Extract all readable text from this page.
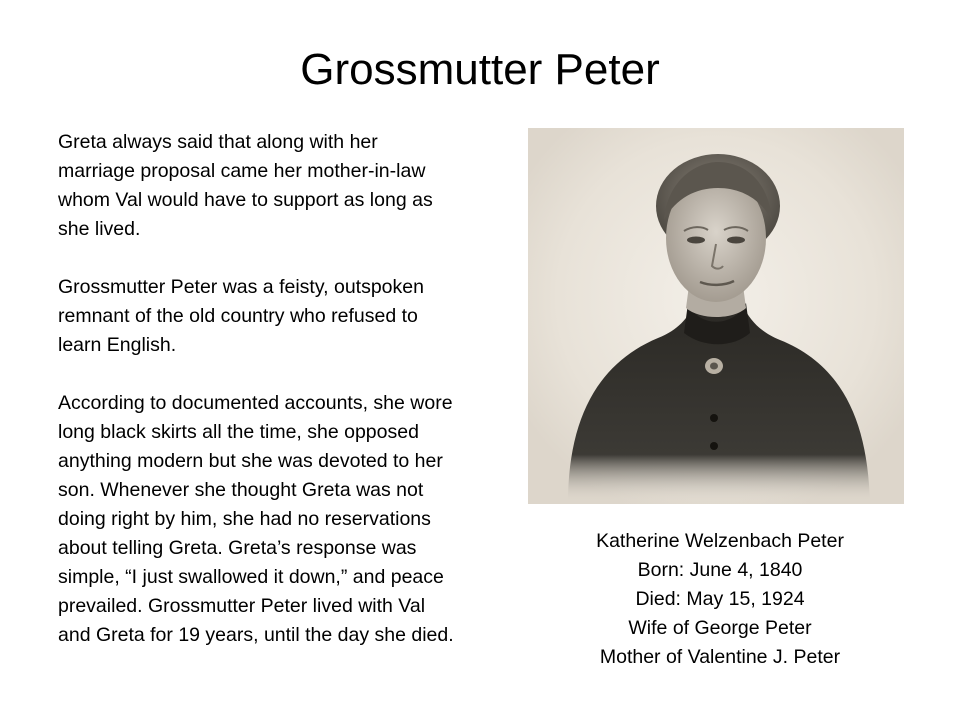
Grossmutter Peter

Greta always said that along with her marriage proposal came her mother-in-law whom Val would have to support as long as she lived.

Grossmutter Peter was a feisty, outspoken remnant of the old country who refused to learn English.

According to documented accounts, she wore long black skirts all the time, she opposed anything modern but she was devoted to her son. Whenever she thought Greta was not doing right by him, she had no reservations about telling Greta. Greta’s response was simple, “I just swallowed it down,” and peace prevailed. Grossmutter Peter lived with Val and Greta for 19 years, until the day she died.

Katherine Welzenbach Peter
Born: June 4, 1840
Died: May 15, 1924
Wife of George Peter
Mother of Valentine J. Peter
